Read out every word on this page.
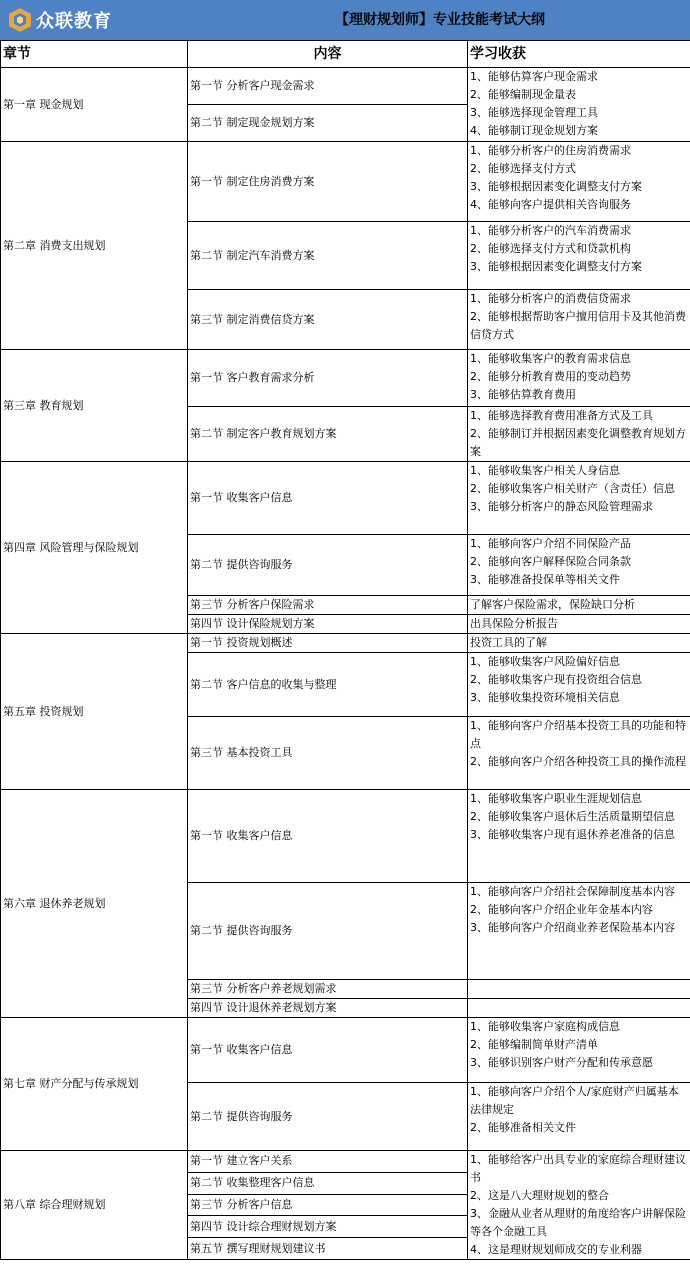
众联教育	【理财规划师】专业技能考试大纲
章节	内容	学习收获
第一章 现金规划	第一节 分析客户现金需求	1、能够估算客户现金需求
2、能够编制现金量表
3、能够选择现金管理工具
4、能够制订现金规划方案

	第二节 制定现金规划方案	
第二章 消费支出规划	第一节 制定住房消费方案	1、能够分析客户的住房消费需求
2、能够选择支付方式
3、能够根据因素变化调整支付方案
4、能够向客户提供相关咨询服务

	第二节 制定汽车消费方案	1、能够分析客户的汽车消费需求
2、能够选择支付方式和贷款机构
3、能够根据因素变化调整支付方案

	第三节 制定消费信贷方案	1、能够分析客户的消费信贷需求
2、能够根据帮助客户擅用信用卡及其他消费信贷方式

第三章 教育规划	第一节 客户教育需求分析	1、能够收集客户的教育需求信息
2、能够分析教育费用的变动趋势
3、能够估算教育费用

	第二节 制定客户教育规划方案	1、能够选择教育费用准备方式及工具
2、能够制订并根据因素变化调整教育规划方案

第四章 风险管理与保险规划	第一节 收集客户信息	1、能够收集客户相关人身信息
2、能够收集客户相关财产（含责任）信息
3、能够分析客户的静态风险管理需求

	第二节 提供咨询服务	1、能够向客户介绍不同保险产品
2、能够向客户解释保险合同条款
3、能够准备投保单等相关文件

	第三节 分析客户保险需求	了解客户保险需求，保险缺口分析

	第四节 设计保险规划方案	出具保险分析报告

第五章 投资规划	第一节 投资规划概述	投资工具的了解

	第二节 客户信息的收集与整理	1、能够收集客户风险偏好信息
2、能够收集客户现有投资组合信息
3、能够收集投资环境相关信息

	第三节 基本投资工具	1、能够向客户介绍基本投资工具的功能和特点
2、能够向客户介绍各种投资工具的操作流程

第六章 退休养老规划	第一节 收集客户信息	1、能够收集客户职业生涯规划信息
2、能够收集客户退休后生活质量期望信息
3、能够收集客户现有退休养老准备的信息

	第二节 提供咨询服务	1、能够向客户介绍社会保障制度基本内容
2、能够向客户介绍企业年金基本内容
3、能够向客户介绍商业养老保险基本内容

	第三节 分析客户养老规划需求	
	第四节 设计退休养老规划方案	
第七章 财产分配与传承规划	第一节 收集客户信息	1、能够收集客户家庭构成信息
2、能够编制简单财产清单
3、能够识别客户财产分配和传承意愿

	第二节 提供咨询服务	1、能够向客户介绍个人/家庭财产归属基本法律规定
2、能够准备相关文件

第八章 综合理财规划	第一节 建立客户关系	1、能够给客户出具专业的家庭综合理财建议书
2、这是八大理财规划的整合
3、金融从业者从理财的角度给客户讲解保险等各个金融工具
4、这是理财规划师成交的专业利器

	第二节 收集整理客户信息	
	第三节 分析客户信息	
	第四节 设计综合理财规划方案	
	第五节 撰写理财规划建议书	
